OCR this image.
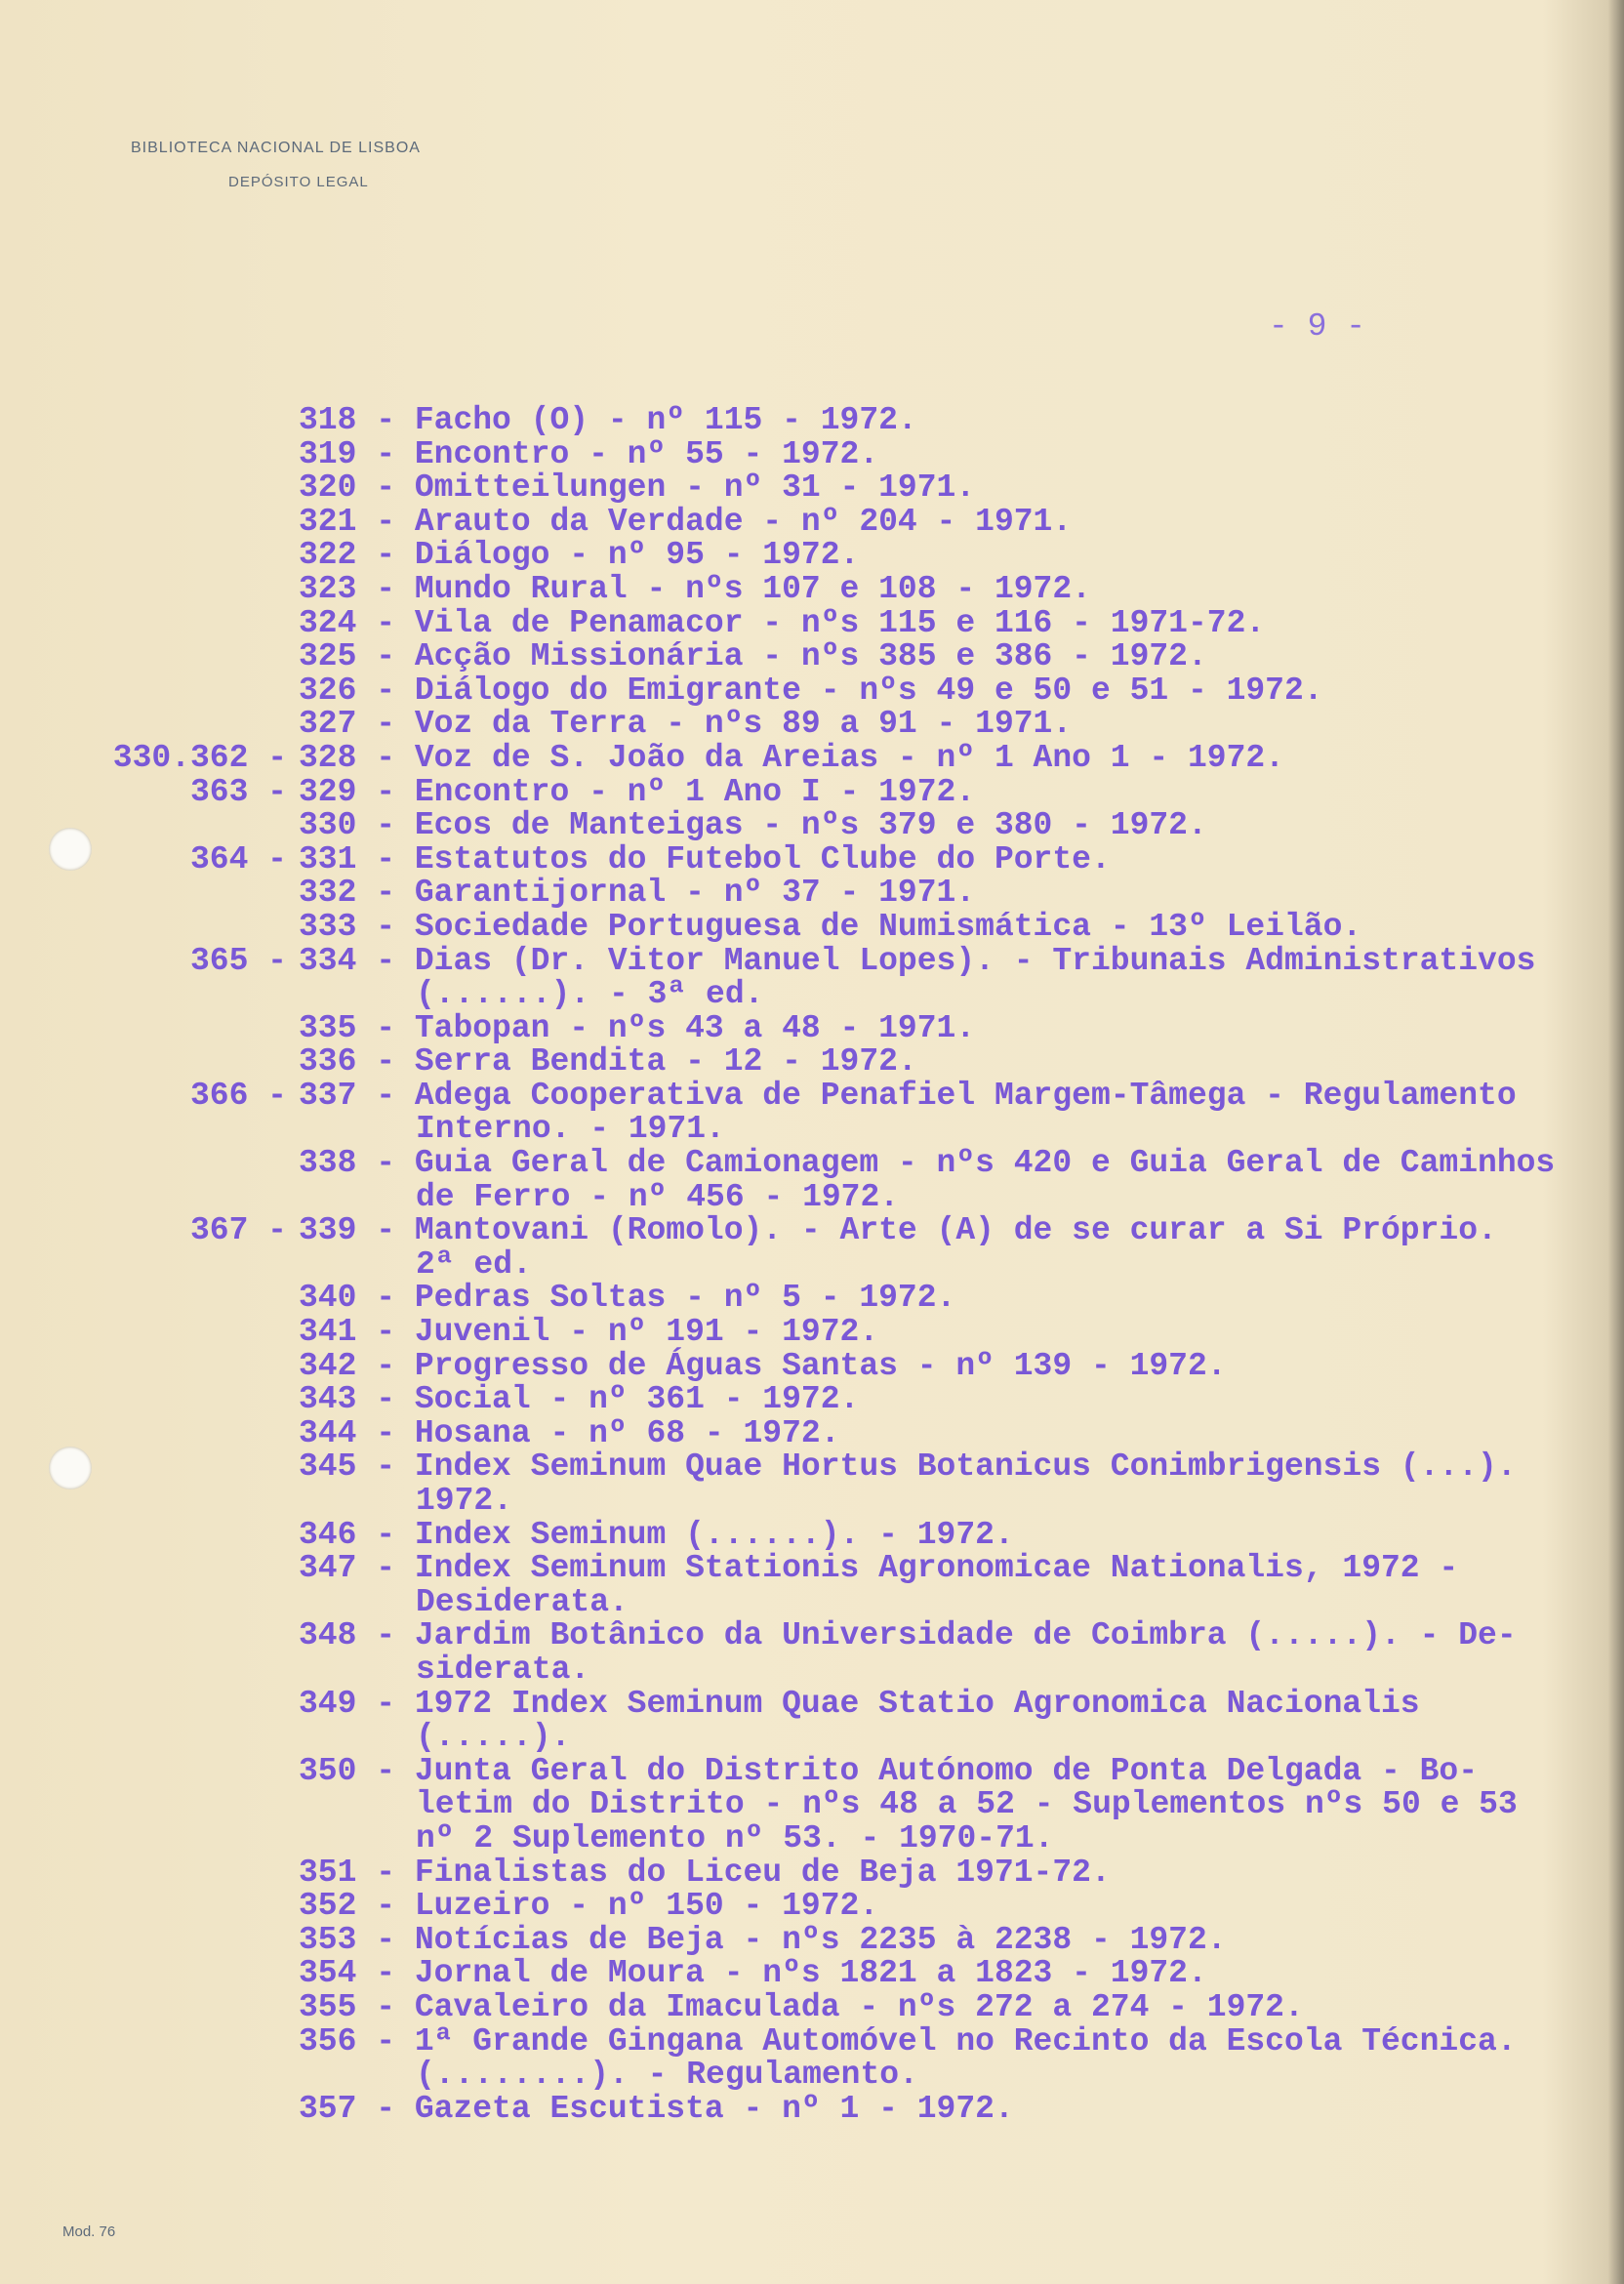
BIBLIOTECA NACIONAL DE LISBOA
DEPÓSITO LEGAL
- 9 -
318 - Facho (O) - nº 115 - 1972.
319 - Encontro - nº 55 - 1972.
320 - Omitteilungen - nº 31 - 1971.
321 - Arauto da Verdade - nº 204 - 1971.
322 - Diálogo - nº 95 - 1972.
323 - Mundo Rural - nºs 107 e 108 - 1972.
324 - Vila de Penamacor - nºs 115 e 116 - 1971-72.
325 - Acção Missionária - nºs 385 e 386 - 1972.
326 - Diálogo do Emigrante - nºs 49 e 50 e 51 - 1972.
327 - Voz da Terra - nºs 89 a 91 - 1971.
330.362 - 328 - Voz de S. João da Areias - nº 1 Ano 1 - 1972.
363 - 329 - Encontro - nº 1 Ano I - 1972.
330 - Ecos de Manteigas - nºs 379 e 380 - 1972.
364 - 331 - Estatutos do Futebol Clube do Porte.
332 - Garantijornal - nº 37 - 1971.
333 - Sociedade Portuguesa de Numismática - 13º Leilão.
365 - 334 - Dias (Dr. Vitor Manuel Lopes). - Tribunais Administrativos
(......). - 3ª ed.
335 - Tabopan - nºs 43 a 48 - 1971.
336 - Serra Bendita - 12 - 1972.
366 - 337 - Adega Cooperativa de Penafiel Margem-Tâmega - Regulamento
Interno. - 1971.
338 - Guia Geral de Camionagem - nºs 420 e Guia Geral de Caminhos
de Ferro - nº 456 - 1972.
367 - 339 - Mantovani (Romolo). - Arte (A) de se curar a Si Próprio.
2ª ed.
340 - Pedras Soltas - nº 5 - 1972.
341 - Juvenil - nº 191 - 1972.
342 - Progresso de Águas Santas - nº 139 - 1972.
343 - Social - nº 361 - 1972.
344 - Hosana - nº 68 - 1972.
345 - Index Seminum Quae Hortus Botanicus Conimbrigensis (...).
1972.
346 - Index Seminum (......). - 1972.
347 - Index Seminum Stationis Agronomicae Nationalis, 1972 -
Desiderata.
348 - Jardim Botânico da Universidade de Coimbra (.....). - De-
siderata.
349 - 1972 Index Seminum Quae Statio Agronomica Nacionalis
(.....).
350 - Junta Geral do Distrito Autónomo de Ponta Delgada - Bo-
letim do Distrito - nºs 48 a 52 - Suplementos nºs 50 e 53
nº 2 Suplemento nº 53. - 1970-71.
351 - Finalistas do Liceu de Beja 1971-72.
352 - Luzeiro - nº 150 - 1972.
353 - Notícias de Beja - nºs 2235 à 2238 - 1972.
354 - Jornal de Moura - nºs 1821 a 1823 - 1972.
355 - Cavaleiro da Imaculada - nºs 272 a 274 - 1972.
356 - 1ª Grande Gingana Automóvel no Recinto da Escola Técnica.
(........). - Regulamento.
357 - Gazeta Escutista - nº 1 - 1972.
Mod. 76
